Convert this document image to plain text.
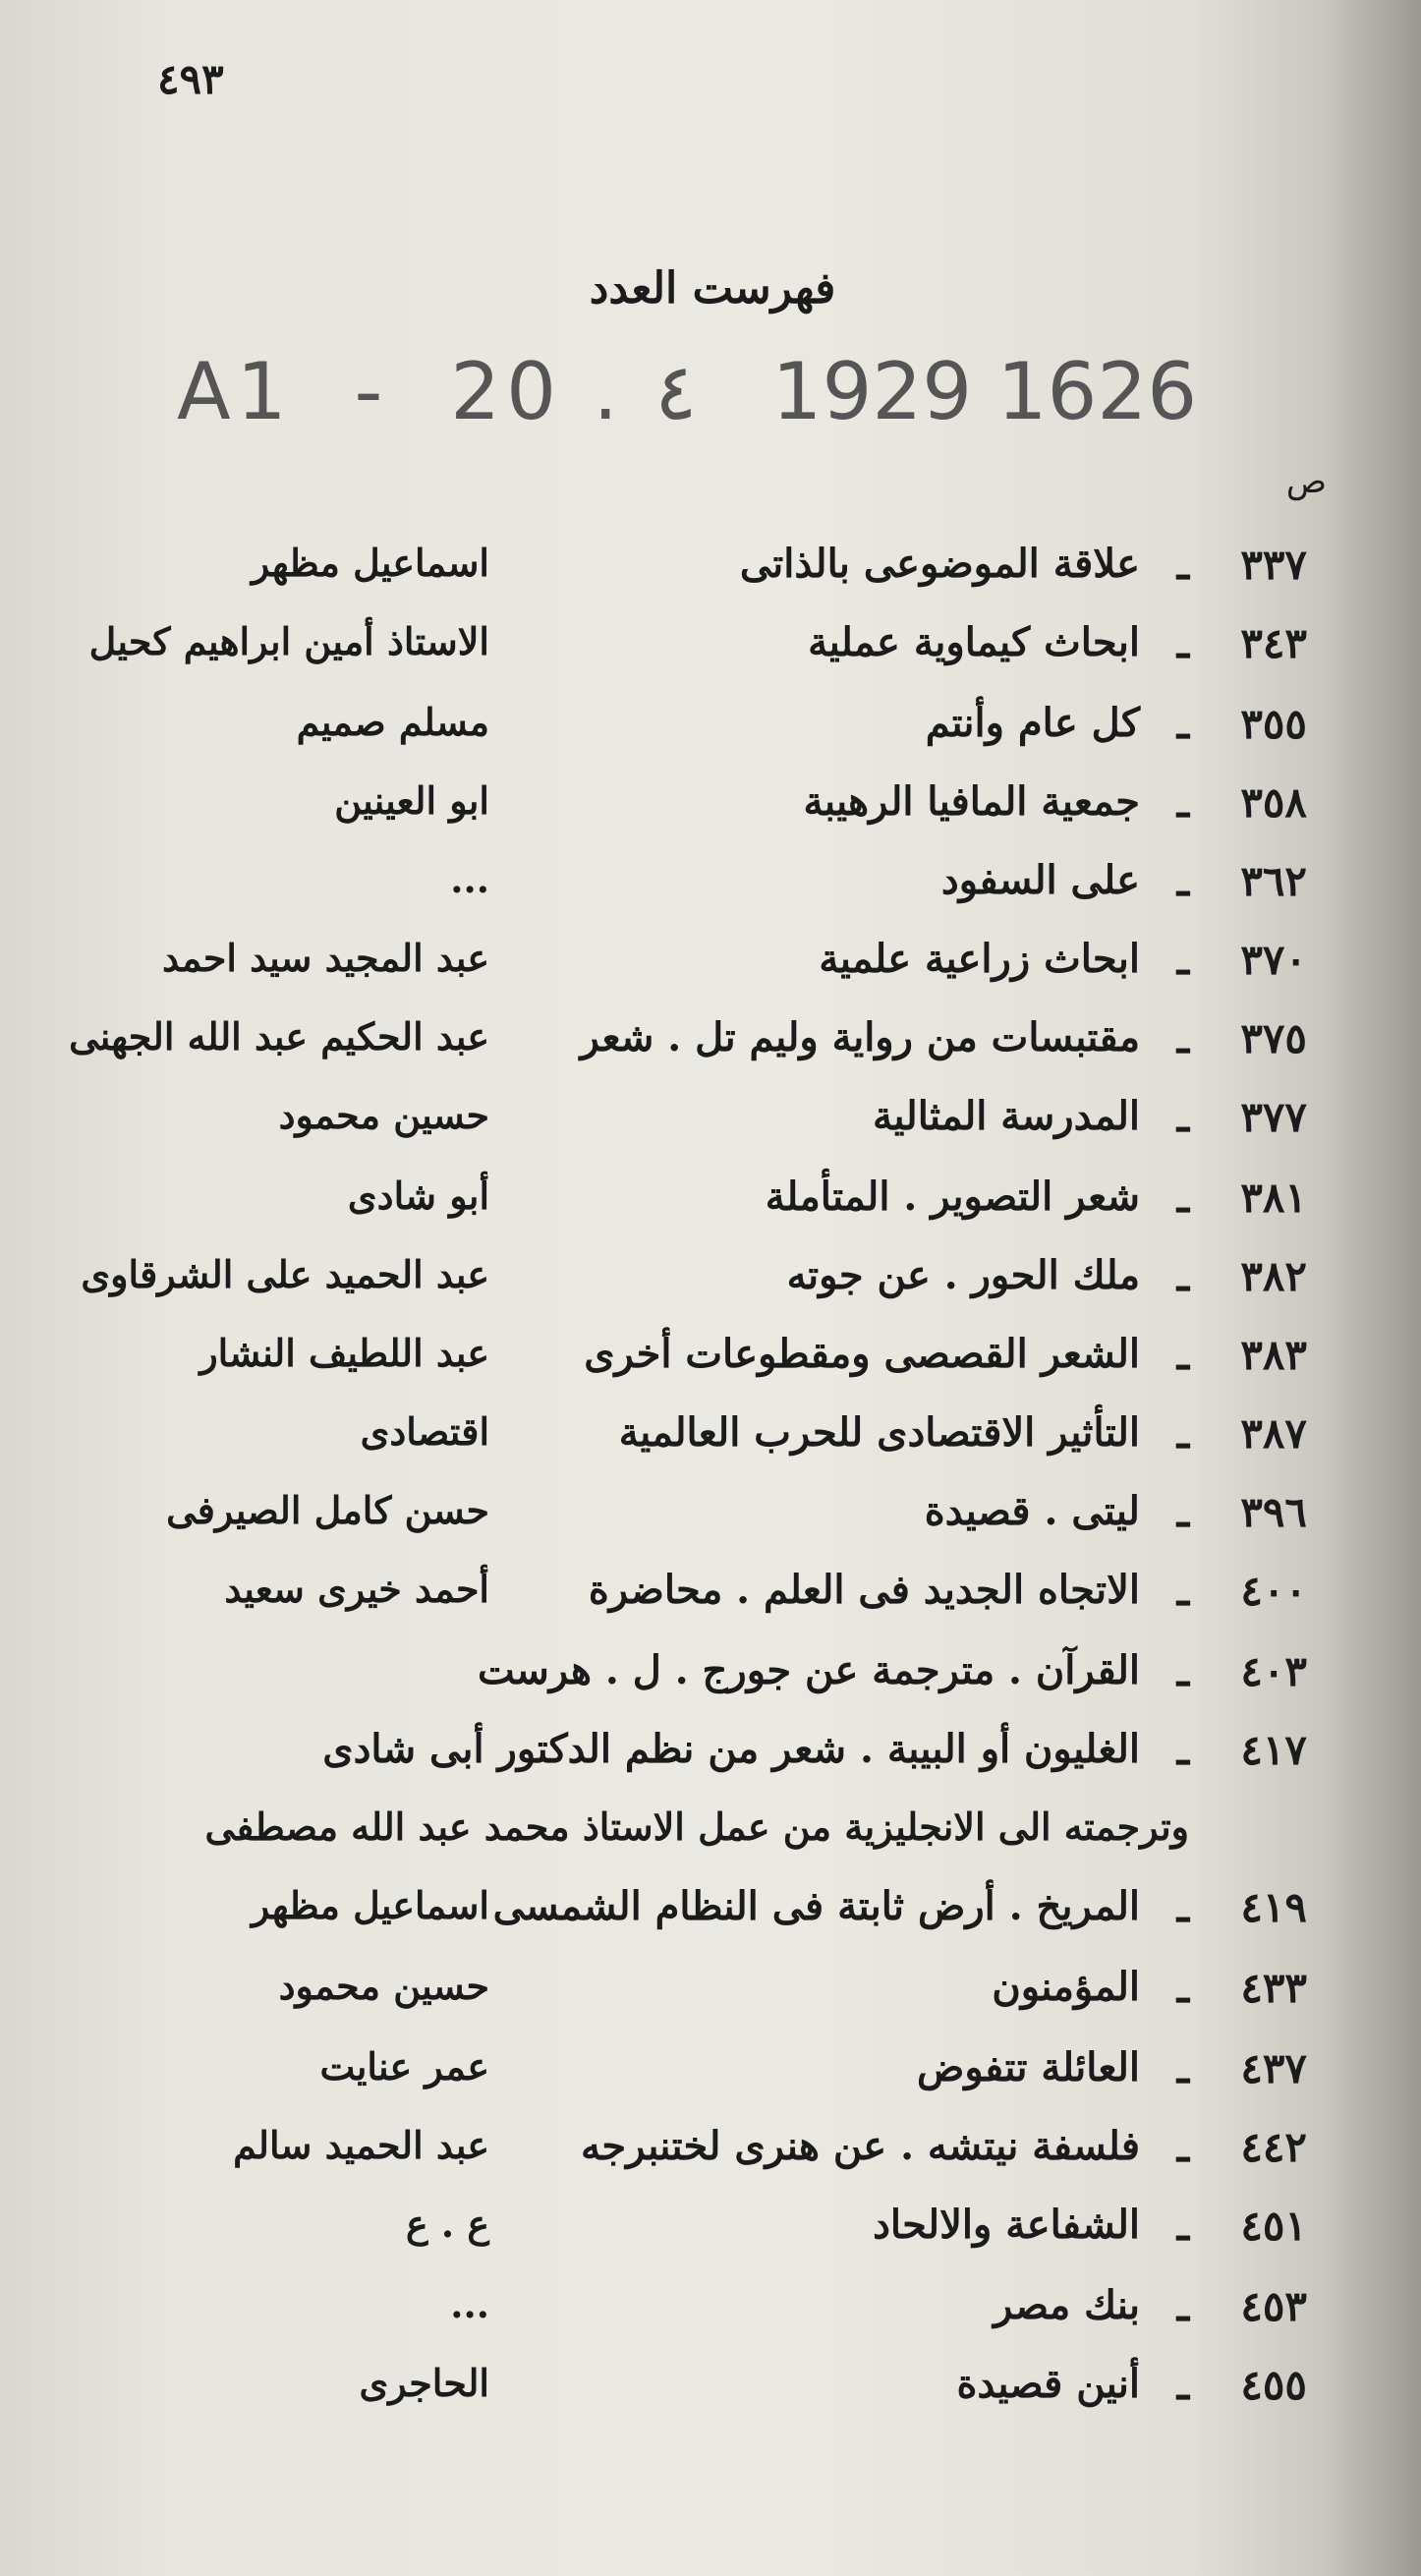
٤٩٣
فهرست العدد
A1  -  20 . ٤   1929 1626
ص
٣٣٧
ـ
علاقة الموضوعى بالذاتى
اسماعيل مظهر
٣٤٣
ـ
ابحاث كيماوية عملية
الاستاذ أمين ابراهيم كحيل
٣٥٥
ـ
كل عام وأنتم
مسلم صميم
٣٥٨
ـ
جمعية المافيا الرهيبة
ابو العينين
٣٦٢
ـ
على السفود
...
٣٧٠
ـ
ابحاث زراعية علمية
عبد المجيد سيد احمد
٣٧٥
ـ
مقتبسات من رواية وليم تل . شعر
عبد الحكيم عبد الله الجهنى
٣٧٧
ـ
المدرسة المثالية
حسين محمود
٣٨١
ـ
شعر التصوير . المتأملة
أبو شادى
٣٨٢
ـ
ملك الحور . عن جوته
عبد الحميد على الشرقاوى
٣٨٣
ـ
الشعر القصصى ومقطوعات أخرى
عبد اللطيف النشار
٣٨٧
ـ
التأثير الاقتصادى للحرب العالمية
اقتصادى
٣٩٦
ـ
ليتى . قصيدة
حسن كامل الصيرفى
٤٠٠
ـ
الاتجاه الجديد فى العلم . محاضرة
أحمد خيرى سعيد
٤٠٣
ـ
القرآن . مترجمة عن جورج . ل . هرست
٤١٧
ـ
الغليون أو البيبة . شعر من نظم الدكتور أبى شادى
وترجمته الى الانجليزية من عمل الاستاذ محمد عبد الله مصطفى
٤١٩
ـ
المريخ . أرض ثابتة فى النظام الشمسى
اسماعيل مظهر
٤٣٣
ـ
المؤمنون
حسين محمود
٤٣٧
ـ
العائلة تتفوض
عمر عنايت
٤٤٢
ـ
فلسفة نيتشه . عن هنرى لختنبرجه
عبد الحميد سالم
٤٥١
ـ
الشفاعة والالحاد
ع . ع
٤٥٣
ـ
بنك مصر
...
٤٥٥
ـ
أنين قصيدة
الحاجرى
